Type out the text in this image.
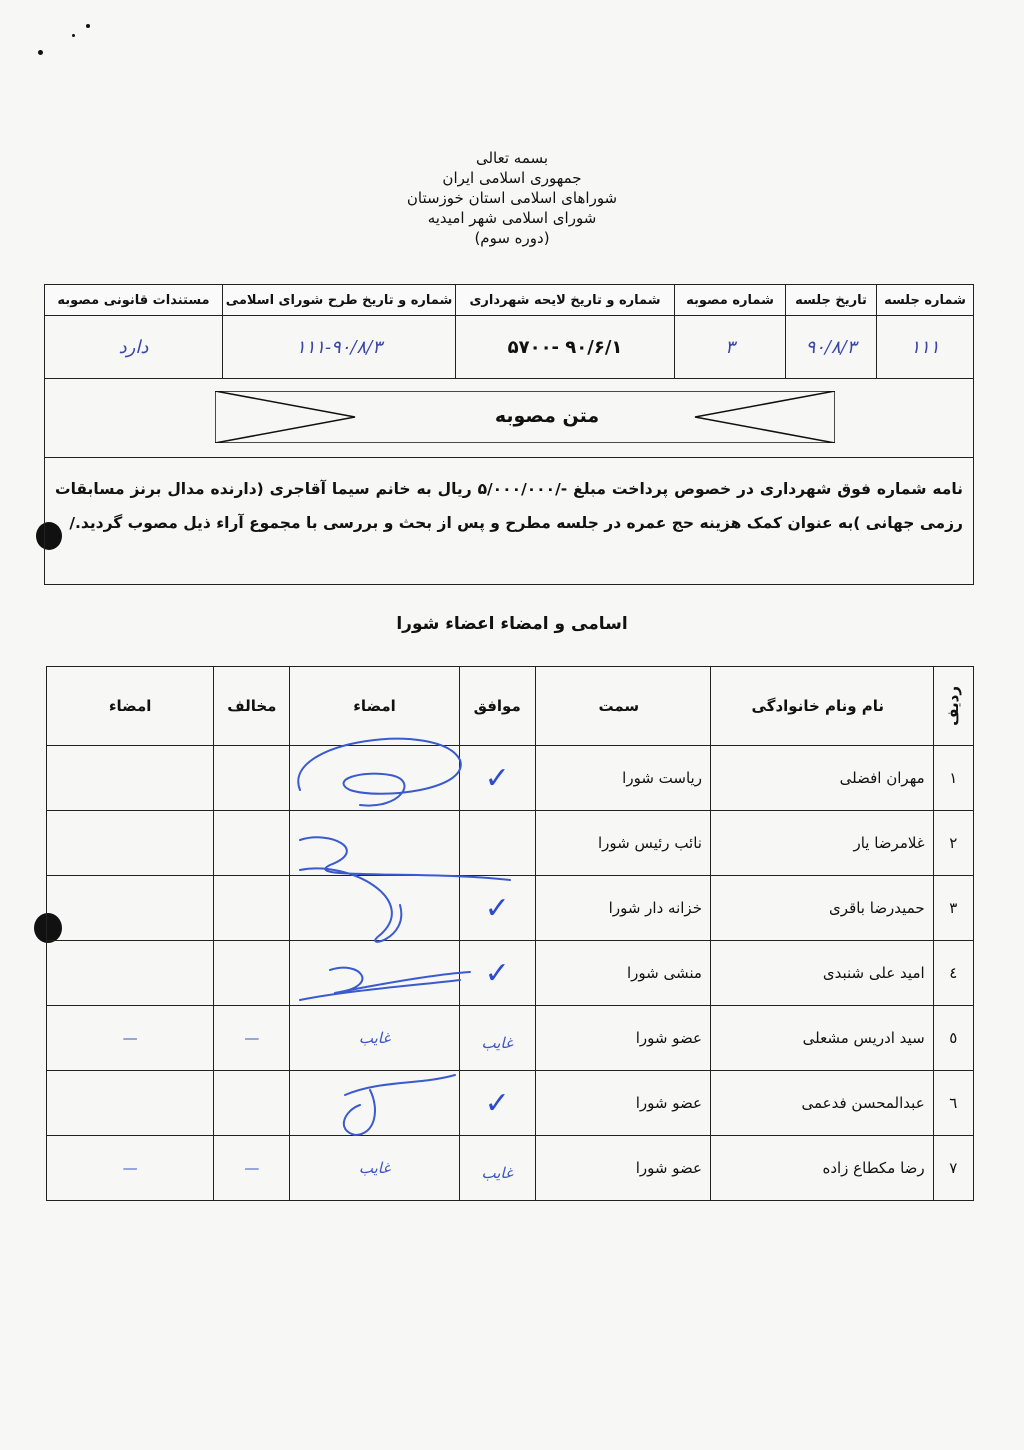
بسمه تعالی
جمهوری اسلامی ایران
شوراهای اسلامی استان خوزستان
شورای اسلامی شهر امیدیه
(دوره سوم)
شماره جلسه	تاریخ جلسه	شماره مصوبه	شماره و تاریخ لایحه شهرداری	شماره و تاریخ طرح شورای اسلامی	مستندات قانونی مصوبه
۱۱۱	۹۰/۸/۳	۳	۵۷۰۰- ۹۰/۶/۱	۱۱۱-۹۰/۸/۳	دارد

متن مصوبه					

نامه شماره فوق شهرداری در خصوص پرداخت مبلغ -/۵/۰۰۰/۰۰۰ ریال به خانم سیما آقاجری (دارنده مدال برنز مسابقات رزمی جهانی )به عنوان کمک هزینه حج عمره در جلسه مطرح و پس از بحث و بررسی با مجموع آراء ذیل مصوب گردید./					
اسامی و امضاء اعضاء شورا
ردیف	نام ونام خانوادگی	سمت	موافق	امضاء	مخالف	امضاء
۱	مهران افضلی	ریاست شورا	✓			
۲	غلامرضا یار	نائب رئیس شورا				
۳	حمیدرضا باقری	خزانه دار شورا	✓			
٤	امید علی شنبدی	منشی شورا	✓			
٥	سید ادریس مشعلی	عضو شورا	غایب	غایب	—	—
٦	عبدالمحسن فدعمی	عضو شورا	✓			
۷	رضا مکطاع زاده	عضو شورا	غایب	غایب	—	—
